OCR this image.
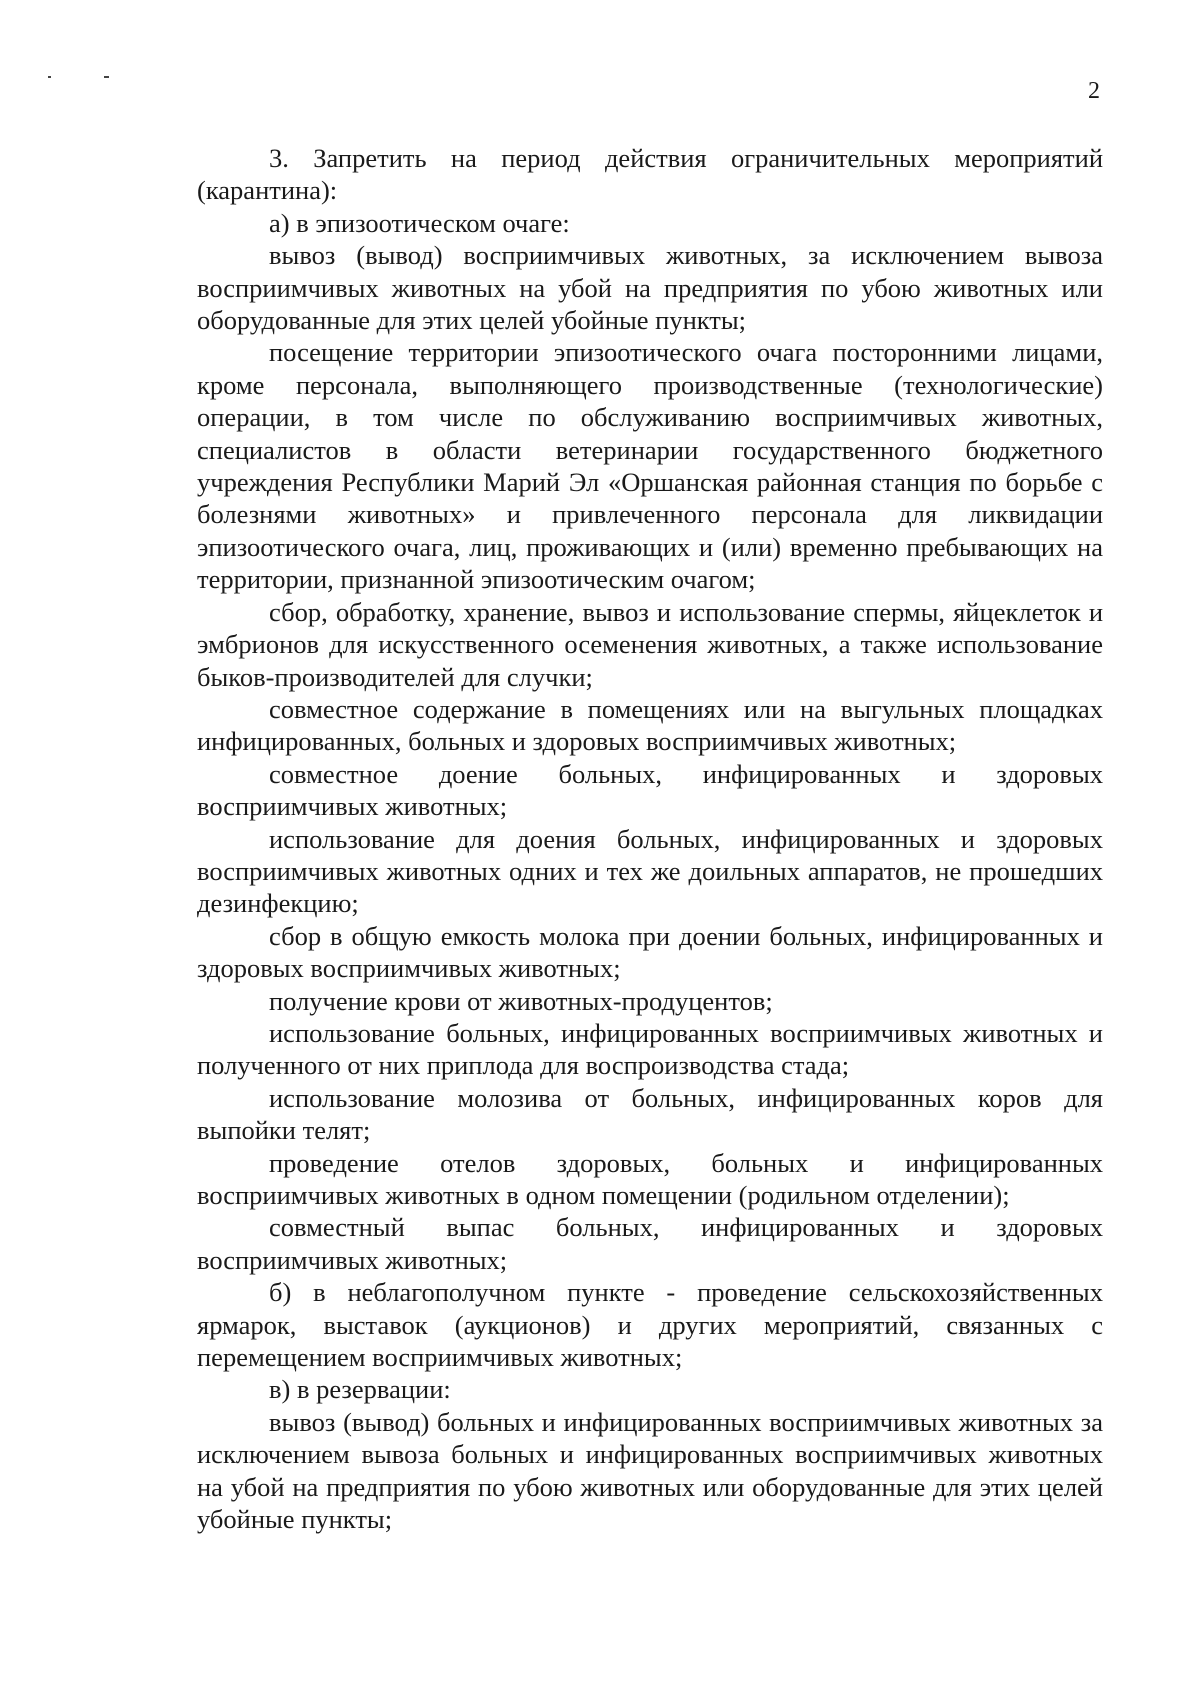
2

3. Запретить на период действия ограничительных мероприятий (карантина):

а) в эпизоотическом очаге:

вывоз (вывод) восприимчивых животных, за исключением вывоза восприимчивых животных на убой на предприятия по убою животных или оборудованные для этих целей убойные пункты;

посещение территории эпизоотического очага посторонними лицами, кроме персонала, выполняющего производственные (технологические) операции, в том числе по обслуживанию восприимчивых животных, специалистов в области ветеринарии государственного бюджетного учреждения Республики Марий Эл «Оршанская районная станция по борьбе с болезнями животных» и привлеченного персонала для ликвидации эпизоотического очага, лиц, проживающих и (или) временно пребывающих на территории, признанной эпизоотическим очагом;

сбор, обработку, хранение, вывоз и использование спермы, яйцеклеток и эмбрионов для искусственного осеменения животных, а также использование быков-производителей для случки;

совместное содержание в помещениях или на выгульных площадках инфицированных, больных и здоровых восприимчивых животных;

совместное доение больных, инфицированных и здоровых восприимчивых животных;

использование для доения больных, инфицированных и здоровых восприимчивых животных одних и тех же доильных аппаратов, не прошедших дезинфекцию;

сбор в общую емкость молока при доении больных, инфицированных и здоровых восприимчивых животных;

получение крови от животных-продуцентов;

использование больных, инфицированных восприимчивых животных и полученного от них приплода для воспроизводства стада;

использование молозива от больных, инфицированных коров для выпойки телят;

проведение отелов здоровых, больных и инфицированных восприимчивых животных в одном помещении (родильном отделении);

совместный выпас больных, инфицированных и здоровых восприимчивых животных;

б) в неблагополучном пункте - проведение сельскохозяйственных ярмарок, выставок (аукционов) и других мероприятий, связанных с перемещением восприимчивых животных;

в) в резервации:

вывоз (вывод) больных и инфицированных восприимчивых животных за исключением вывоза больных и инфицированных восприимчивых животных на убой на предприятия по убою животных или оборудованные для этих целей убойные пункты;
